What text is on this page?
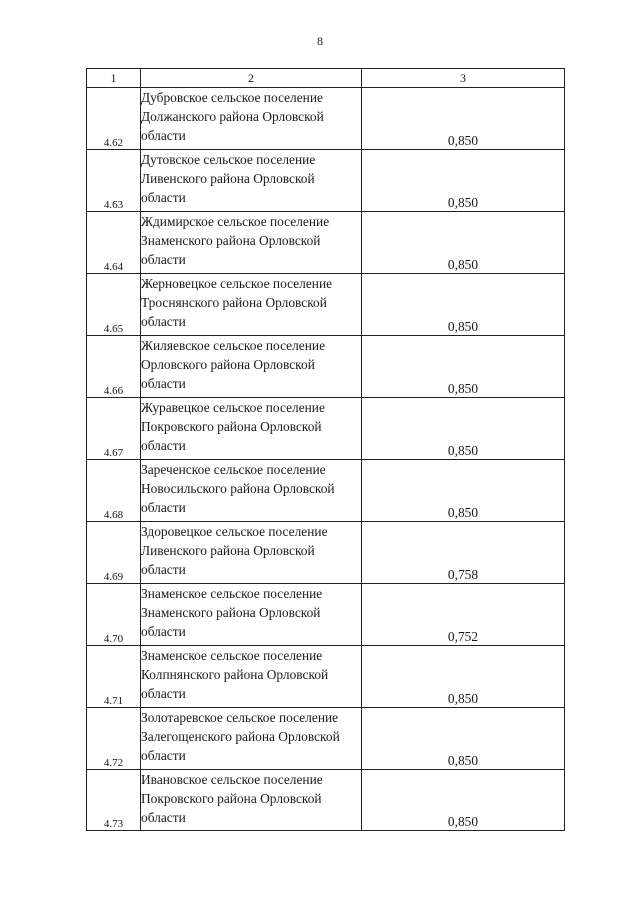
8
1	2	3
4.62	Дубровское сельское поселение Должанского района Орловской области	0,850
4.63	Дутовское сельское поселение Ливенского района Орловской области	0,850
4.64	Ждимирское сельское поселение Знаменского района Орловской области	0,850
4.65	Жерновецкое сельское поселение Троснянского района Орловской области	0,850
4.66	Жиляевское сельское поселение Орловского района Орловской области	0,850
4.67	Журавецкое сельское поселение Покровского района Орловской области	0,850
4.68	Зареченское сельское поселение Новосильского района Орловской области	0,850
4.69	Здоровецкое сельское поселение Ливенского района Орловской области	0,758
4.70	Знаменское сельское поселение Знаменского района Орловской области	0,752
4.71	Знаменское сельское поселение Колпнянского района Орловской области	0,850
4.72	Золотаревское сельское поселение Залегощенского района Орловской области	0,850
4.73	Ивановское сельское поселение Покровского района Орловской области	0,850
